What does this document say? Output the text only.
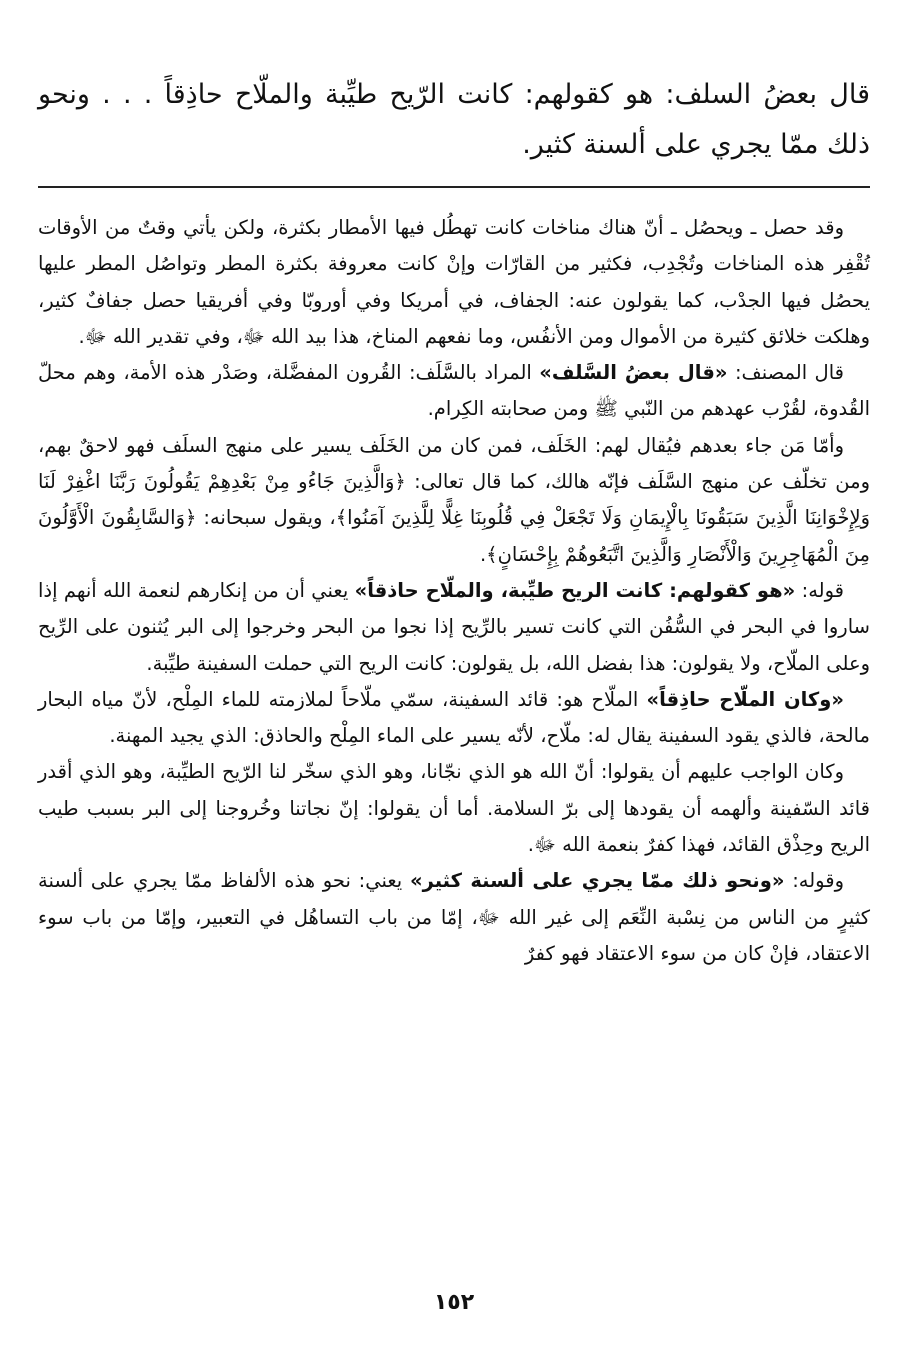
قال بعضُ السلف: هو كقولهم: كانت الرّيح طيِّبة والملّاح حاذِقاً . . . ونحو ذلك ممّا يجري على ألسنة كثير.

وقد حصل ـ ويحصُل ـ أنّ هناك مناخات كانت تهطُل فيها الأمطار بكثرة، ولكن يأتي وقتٌ من الأوقات تُقْفِر هذه المناخات وتُجْدِب، فكثير من القارّات وإنْ كانت معروفة بكثرة المطر وتواصُل المطر عليها يحصُل فيها الجدْب، كما يقولون عنه: الجفاف، في أمريكا وفي أوروبّا وفي أفريقيا حصل جفافٌ كثير، وهلكت خلائق كثيرة من الأموال ومن الأنفُس، وما نفعهم المناخ، هذا بيد الله ﷻ، وفي تقدير الله ﷻ.

قال المصنف: «قال بعضُ السَّلف» المراد بالسَّلَف: القُرون المفضَّلة، وصَدْر هذه الأمة، وهم محلّ القُدوة، لقُرْب عهدهم من النّبي ﷺ ومن صحابته الكِرام.

وأمّا مَن جاء بعدهم فيُقال لهم: الخَلَف، فمن كان من الخَلَف يسير على منهج السلَف فهو لاحقٌ بهم، ومن تخلّف عن منهج السَّلَف فإنّه هالك، كما قال تعالى: ﴿وَالَّذِينَ جَاءُو مِنْ بَعْدِهِمْ يَقُولُونَ رَبَّنَا اغْفِرْ لَنَا وَلِإِخْوَانِنَا الَّذِينَ سَبَقُونَا بِالْإِيمَانِ وَلَا تَجْعَلْ فِي قُلُوبِنَا غِلًّا لِلَّذِينَ آمَنُوا﴾، ويقول سبحانه: ﴿وَالسَّابِقُونَ الْأَوَّلُونَ مِنَ الْمُهَاجِرِينَ وَالْأَنْصَارِ وَالَّذِينَ اتَّبَعُوهُمْ بِإِحْسَانٍ﴾.

قوله: «هو كقولهم: كانت الريح طيِّبة، والملّاح حاذقاً» يعني أن من إنكارهم لنعمة الله أنهم إذا ساروا في البحر في السُّفُن التي كانت تسير بالرِّيح إذا نجوا من البحر وخرجوا إلى البر يُثنون على الرِّيح وعلى الملّاح، ولا يقولون: هذا بفضل الله، بل يقولون: كانت الريح التي حملت السفينة طيِّبة.

«وكان الملّاح حاذِقاً» الملّاح هو: قائد السفينة، سمّي ملّاحاً لملازمته للماء المِلْح، لأنّ مياه البحار مالحة، فالذي يقود السفينة يقال له: ملّاح، لأنّه يسير على الماء المِلْح والحاذق: الذي يجيد المهنة.

وكان الواجب عليهم أن يقولوا: أنّ الله هو الذي نجّانا، وهو الذي سخّر لنا الرّيح الطيِّبة، وهو الذي أقدر قائد السّفينة وألهمه أن يقودها إلى برّ السلامة. أما أن يقولوا: إنّ نجاتنا وخُروجنا إلى البر بسبب طيب الريح وحِذْق القائد، فهذا كفرٌ بنعمة الله ﷻ.

وقوله: «ونحو ذلك ممّا يجري على ألسنة كثير» يعني: نحو هذه الألفاظ ممّا يجري على ألسنة كثيرٍ من الناس من نِسْبة النِّعَم إلى غير الله ﷻ، إمّا من باب التساهُل في التعبير، وإمّا من باب سوء الاعتقاد، فإنْ كان من سوء الاعتقاد فهو كفرٌ

١٥٢
